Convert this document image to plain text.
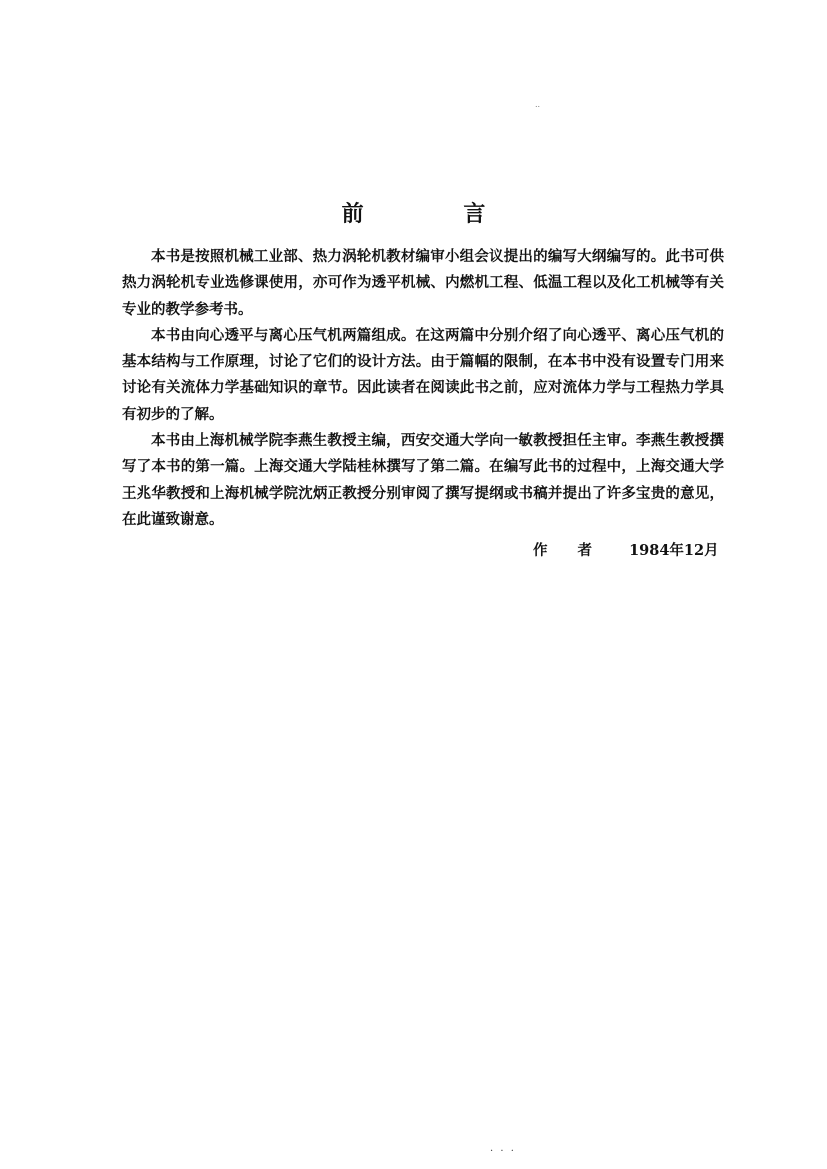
..
前 言

本书是按照机械工业部、热力涡轮机教材编审小组会议提出的编写大纲编写的。此书可供热力涡轮机专业选修课使用，亦可作为透平机械、内燃机工程、低温工程以及化工机械等有关专业的教学参考书。

本书由向心透平与离心压气机两篇组成。在这两篇中分别介绍了向心透平、离心压气机的基本结构与工作原理，讨论了它们的设计方法。由于篇幅的限制，在本书中没有设置专门用来讨论有关流体力学基础知识的章节。因此读者在阅读此书之前，应对流体力学与工程热力学具有初步的了解。

本书由上海机械学院李燕生教授主编，西安交通大学向一敏教授担任主审。李燕生教授撰写了本书的第一篇。上海交通大学陆桂林撰写了第二篇。在编写此书的过程中，上海交通大学王兆华教授和上海机械学院沈炳正教授分别审阅了撰写提纲或书稿并提出了许多宝贵的意见，在此谨致谢意。

作者 1984年12月
· · ·
